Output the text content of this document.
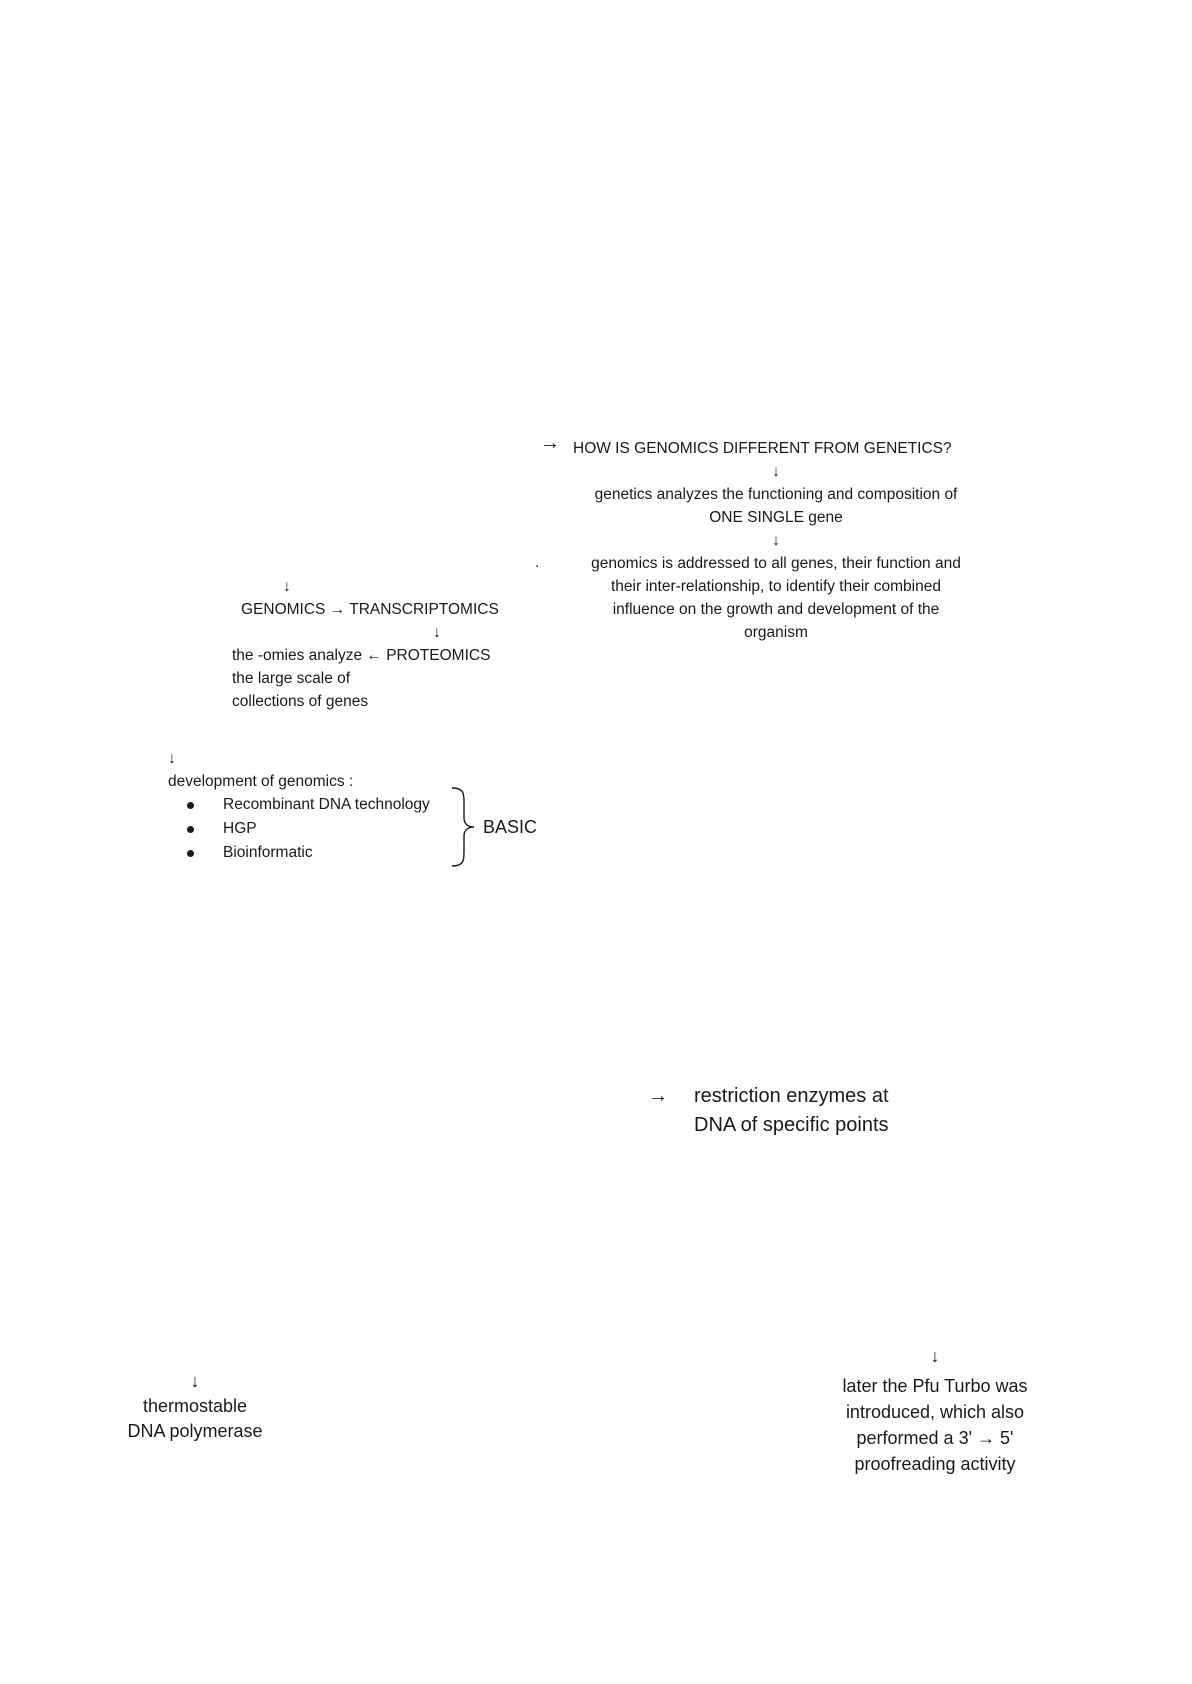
→ HOW IS GENOMICS DIFFERENT FROM GENETICS?
↓
genetics analyzes the functioning and composition of
ONE SINGLE gene
↓
.	genomics is addressed to all genes, their function and
their inter-relationship, to identify their combined
influence on the growth and development of the
organism
↓
GENOMICS → TRANSCRIPTOMICS
↓
the -omies analyze ← PROTEOMICS
the large scale of
collections of genes
↓
development of genomics :
Recombinant DNA technology
HGP
Bioinformatic
BASIC
→ restriction enzymes at
DNA of specific points
↓
thermostable
DNA polymerase
↓
later the Pfu Turbo was
introduced, which also
performed a 3' → 5'
proofreading activity
